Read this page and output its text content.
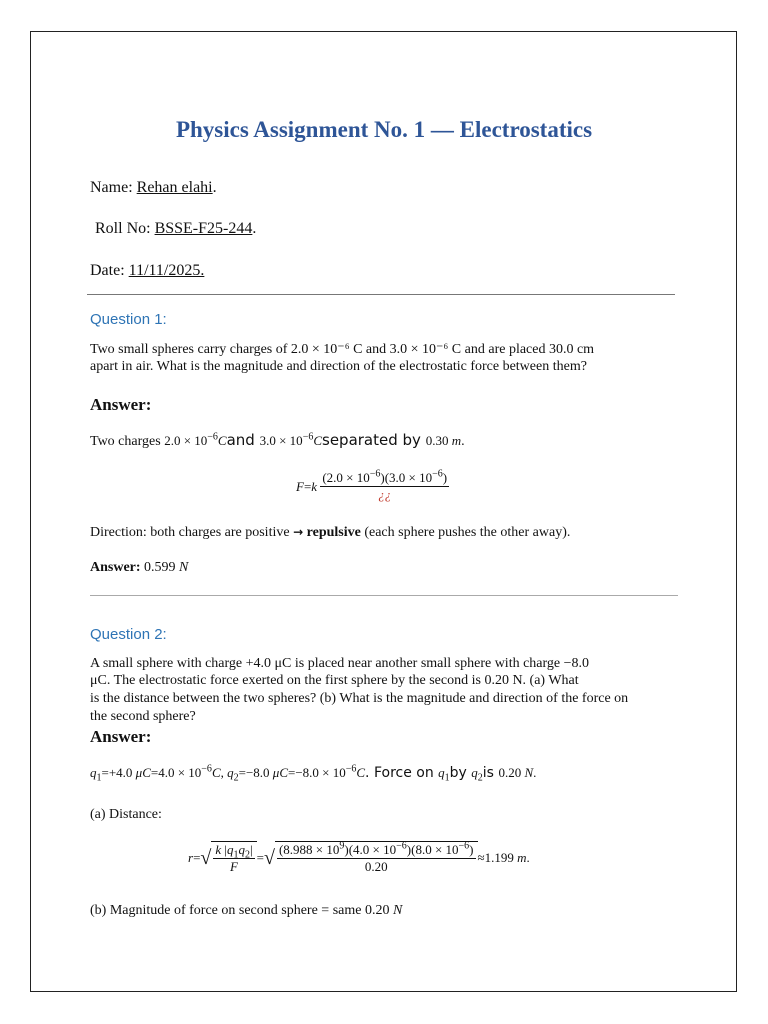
Physics Assignment No. 1 — Electrostatics
Name: Rehan elahi.
Roll No: BSSE-F25-244.
Date: 11/11/2025.
Question 1:
Two small spheres carry charges of 2.0 × 10⁻⁶ C and 3.0 × 10⁻⁶ C and are placed 30.0 cm
apart in air. What is the magnitude and direction of the electrostatic force between them?
Answer:
Two charges $2.0 \times 10^{-6}Cand$ $3.0 \times 10^{-6}Cseparated$ by 0.30 m.
$F=k \frac{(2.0 \times 10^{-6})(3.0 \times 10^{-6})}{¿¿}$
Direction: both charges are positive → repulsive (each sphere pushes the other away).
Answer: 0.599 N
Question 2:
A small sphere with charge +4.0 μC is placed near another small sphere with charge −8.0
μC. The electrostatic force exerted on the first sphere by the second is 0.20 N. (a) What
is the distance between the two spheres? (b) What is the magnitude and direction of the force on
the second sphere?
Answer:
$q_1=+4.0$ $\mu C=4.0 \times 10^{-6}C$, $q_2=-8.0$ $\mu C=-8.0 \times 10^{-6}C$. Force on $q_1by$ $q_2is$ 0.20 N.
(a) Distance:
$r=√ \frac{k |q_1q_2|}{F}$ =√ $\frac{(8.988 \times 10^9)(4.0 \times 10^{-6})(8.0 \times 10^{-6})}{0.20} \approx 1.199$ m.
(b) Magnitude of force on second sphere = same 0.20 N
